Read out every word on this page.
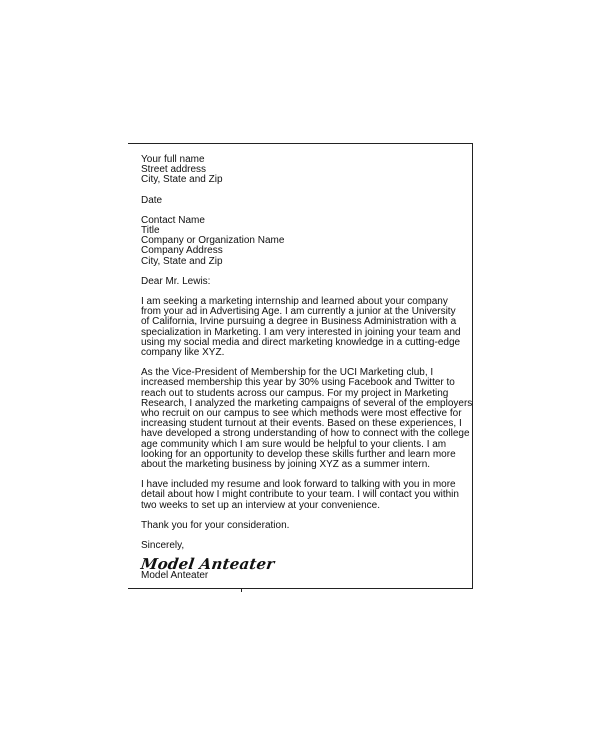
Your full name
Street address
City, State and Zip
Date
Contact Name
Title
Company or Organization Name
Company Address
City, State and Zip
Dear Mr. Lewis:
I am seeking a marketing internship and learned about your company
from your ad in Advertising Age. I am currently a junior at the University
of California, Irvine pursuing a degree in Business Administration with a
specialization in Marketing. I am very interested in joining your team and
using my social media and direct marketing knowledge in a cutting-edge
company like XYZ.
As the Vice-President of Membership for the UCI Marketing club, I
increased membership this year by 30% using Facebook and Twitter to
reach out to students across our campus. For my project in Marketing
Research, I analyzed the marketing campaigns of several of the employers
who recruit on our campus to see which methods were most effective for
increasing student turnout at their events. Based on these experiences, I
have developed a strong understanding of how to connect with the college
age community which I am sure would be helpful to your clients. I am
looking for an opportunity to develop these skills further and learn more
about the marketing business by joining XYZ as a summer intern.
I have included my resume and look forward to talking with you in more
detail about how I might contribute to your team. I will contact you within
two weeks to set up an interview at your convenience.
Thank you for your consideration.
Sincerely,
Model Anteater
Model Anteater
